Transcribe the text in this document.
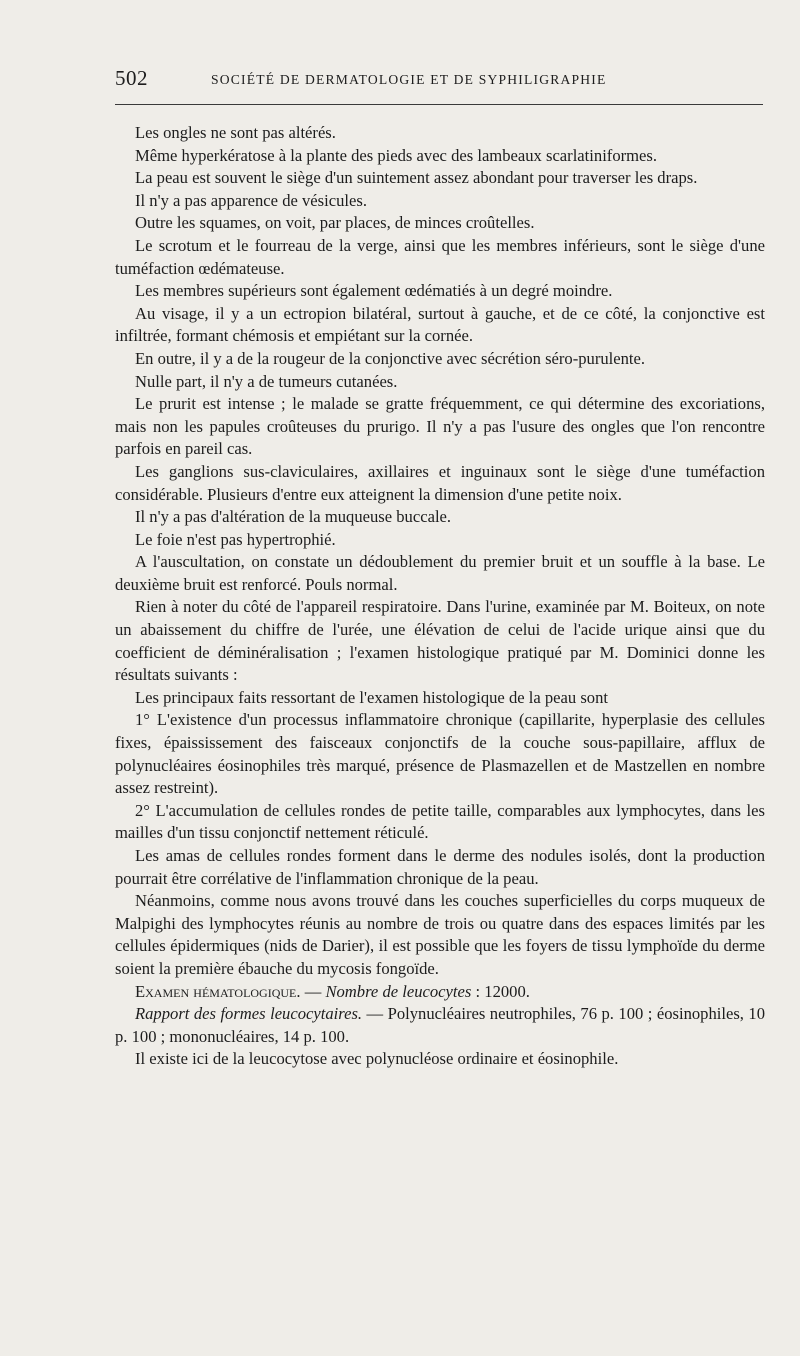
502	SOCIÉTÉ DE DERMATOLOGIE ET DE SYPHILIGRAPHIE

Les ongles ne sont pas altérés.

Même hyperkératose à la plante des pieds avec des lambeaux scarlatiniformes.

La peau est souvent le siège d'un suintement assez abondant pour traverser les draps.

Il n'y a pas apparence de vésicules.

Outre les squames, on voit, par places, de minces croûtelles.

Le scrotum et le fourreau de la verge, ainsi que les membres inférieurs, sont le siège d'une tuméfaction œdémateuse.

Les membres supérieurs sont également œdématiés à un degré moindre.

Au visage, il y a un ectropion bilatéral, surtout à gauche, et de ce côté, la conjonctive est infiltrée, formant chémosis et empiétant sur la cornée.

En outre, il y a de la rougeur de la conjonctive avec sécrétion séro-purulente.

Nulle part, il n'y a de tumeurs cutanées.

Le prurit est intense ; le malade se gratte fréquemment, ce qui détermine des excoriations, mais non les papules croûteuses du prurigo. Il n'y a pas l'usure des ongles que l'on rencontre parfois en pareil cas.

Les ganglions sus-claviculaires, axillaires et inguinaux sont le siège d'une tuméfaction considérable. Plusieurs d'entre eux atteignent la dimension d'une petite noix.

Il n'y a pas d'altération de la muqueuse buccale.

Le foie n'est pas hypertrophié.

A l'auscultation, on constate un dédoublement du premier bruit et un souffle à la base. Le deuxième bruit est renforcé. Pouls normal.

Rien à noter du côté de l'appareil respiratoire. Dans l'urine, examinée par M. Boiteux, on note un abaissement du chiffre de l'urée, une élévation de celui de l'acide urique ainsi que du coefficient de déminéralisation ; l'examen histologique pratiqué par M. Dominici donne les résultats suivants :

Les principaux faits ressortant de l'examen histologique de la peau sont

1° L'existence d'un processus inflammatoire chronique (capillarite, hyperplasie des cellules fixes, épaississement des faisceaux conjonctifs de la couche sous-papillaire, afflux de polynucléaires éosinophiles très marqué, présence de Plasmazellen et de Mastzellen en nombre assez restreint).

2° L'accumulation de cellules rondes de petite taille, comparables aux lymphocytes, dans les mailles d'un tissu conjonctif nettement réticulé.

Les amas de cellules rondes forment dans le derme des nodules isolés, dont la production pourrait être corrélative de l'inflammation chronique de la peau.

Néanmoins, comme nous avons trouvé dans les couches superficielles du corps muqueux de Malpighi des lymphocytes réunis au nombre de trois ou quatre dans des espaces limités par les cellules épidermiques (nids de Darier), il est possible que les foyers de tissu lymphoïde du derme soient la première ébauche du mycosis fongoïde.

Examen hématologique. — Nombre de leucocytes : 12000.

Rapport des formes leucocytaires. — Polynucléaires neutrophiles, 76 p. 100 ; éosinophiles, 10 p. 100 ; mononucléaires, 14 p. 100.

Il existe ici de la leucocytose avec polynucléose ordinaire et éosinophile.
